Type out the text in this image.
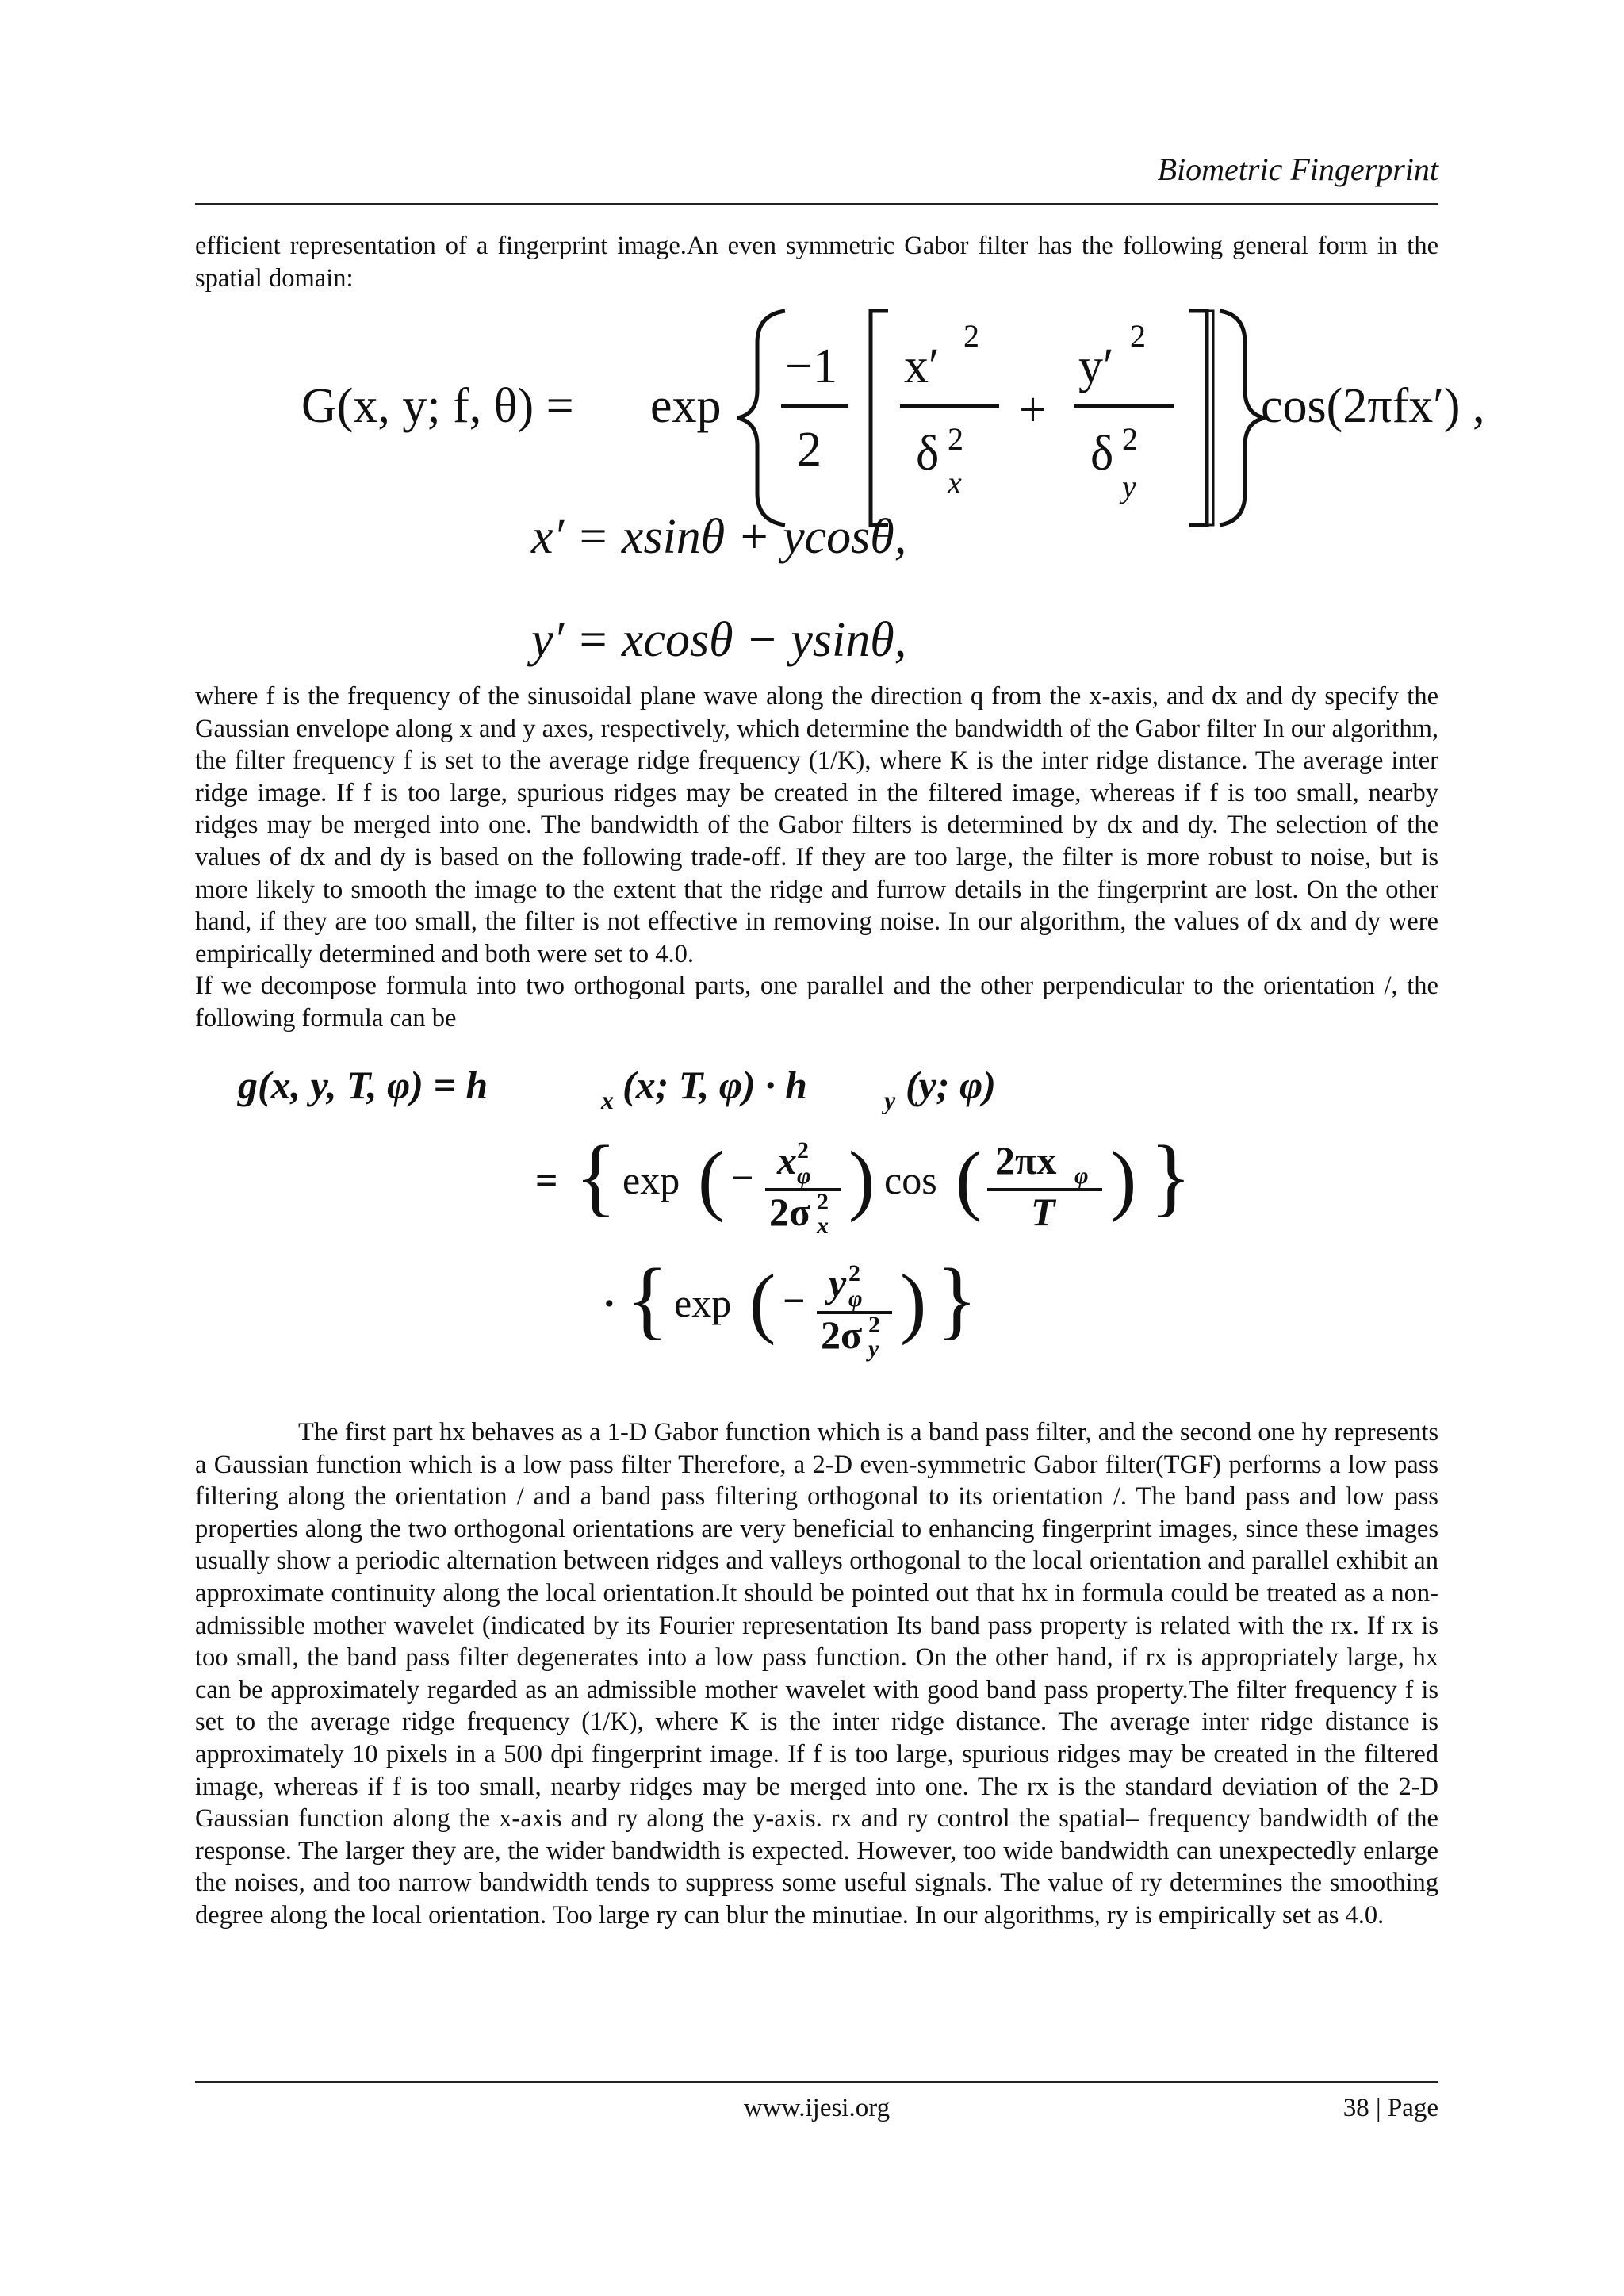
Biometric Fingerprint

efficient representation of a fingerprint image.An even symmetric Gabor filter has the following general form in the spatial domain:

G(x, y; f, θ) = exp
−1
2
x′
2
δ 2
x
+
y′
2
δ 2
y
cos(2πfx′) ,
x′ = xsinθ + ycosθ,
y′ = xcosθ − ysinθ,

where f is the frequency of the sinusoidal plane wave along the direction q from the x-axis, and dx and dy specify the Gaussian envelope along x and y axes, respectively, which determine the bandwidth of the Gabor filter In our algorithm, the filter frequency f is set to the average ridge frequency (1/K), where K is the inter ridge distance. The average inter ridge image. If f is too large, spurious ridges may be created in the filtered image, whereas if f is too small, nearby ridges may be merged into one. The bandwidth of the Gabor filters is determined by dx and dy. The selection of the values of dx and dy is based on the following trade-off. If they are too large, the filter is more robust to noise, but is more likely to smooth the image to the extent that the ridge and furrow details in the fingerprint are lost. On the other hand, if they are too small, the filter is not effective in removing noise. In our algorithm, the values of dx and dy were empirically determined and both were set to 4.0.

If we decompose formula into two orthogonal parts, one parallel and the other perpendicular to the orientation /, the following formula can be

g(x, y, T, φ) = h	x (x; T, φ) · h	y (y; φ)
= { exp ( − x 2
φ
2σ 2
x
) cos ( 2πx φ
T ) }
· { exp ( − y 2
φ
2σ 2
y
) }

The first part hx behaves as a 1-D Gabor function which is a band pass filter, and the second one hy represents a Gaussian function which is a low pass filter Therefore, a 2-D even-symmetric Gabor filter(TGF) performs a low pass filtering along the orientation / and a band pass filtering orthogonal to its orientation /. The band pass and low pass properties along the two orthogonal orientations are very beneficial to enhancing fingerprint images, since these images usually show a periodic alternation between ridges and valleys orthogonal to the local orientation and parallel exhibit an approximate continuity along the local orientation.It should be pointed out that hx in formula could be treated as a non-admissible mother wavelet (indicated by its Fourier representation Its band pass property is related with the rx. If rx is too small, the band pass filter degenerates into a low pass function. On the other hand, if rx is appropriately large, hx can be approximately regarded as an admissible mother wavelet with good band pass property.The filter frequency f is set to the average ridge frequency (1/K), where K is the inter ridge distance. The average inter ridge distance is approximately 10 pixels in a 500 dpi fingerprint image. If f is too large, spurious ridges may be created in the filtered image, whereas if f is too small, nearby ridges may be merged into one. The rx is the standard deviation of the 2-D Gaussian function along the x-axis and ry along the y-axis. rx and ry control the spatial– frequency bandwidth of the response. The larger they are, the wider bandwidth is expected. However, too wide bandwidth can unexpectedly enlarge the noises, and too narrow bandwidth tends to suppress some useful signals. The value of ry determines the smoothing degree along the local orientation. Too large ry can blur the minutiae. In our algorithms, ry is empirically set as 4.0.

www.ijesi.org	38 | Page
